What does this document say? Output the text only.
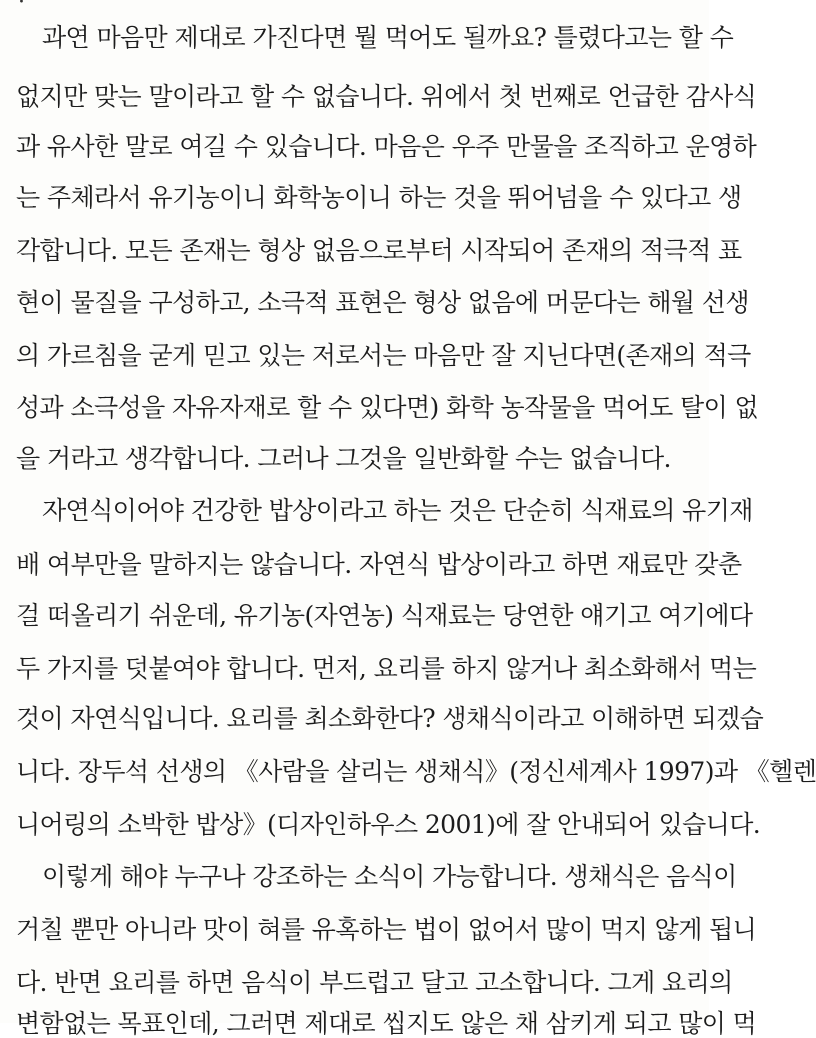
·
과연 마음만 제대로 가진다면 뭘 먹어도 될까요? 틀렸다고는 할 수
없지만 맞는 말이라고 할 수 없습니다. 위에서 첫 번째로 언급한 감사식
과 유사한 말로 여길 수 있습니다. 마음은 우주 만물을 조직하고 운영하
는 주체라서 유기농이니 화학농이니 하는 것을 뛰어넘을 수 있다고 생
각합니다. 모든 존재는 형상 없음으로부터 시작되어 존재의 적극적 표
현이 물질을 구성하고, 소극적 표현은 형상 없음에 머문다는 해월 선생
의 가르침을 굳게 믿고 있는 저로서는 마음만 잘 지닌다면(존재의 적극
성과 소극성을 자유자재로 할 수 있다면) 화학 농작물을 먹어도 탈이 없
을 거라고 생각합니다. 그러나 그것을 일반화할 수는 없습니다.
자연식이어야 건강한 밥상이라고 하는 것은 단순히 식재료의 유기재
배 여부만을 말하지는 않습니다. 자연식 밥상이라고 하면 재료만 갖춘
걸 떠올리기 쉬운데, 유기농(자연농) 식재료는 당연한 얘기고 여기에다
두 가지를 덧붙여야 합니다. 먼저, 요리를 하지 않거나 최소화해서 먹는
것이 자연식입니다. 요리를 최소화한다? 생채식이라고 이해하면 되겠습
니다. 장두석 선생의 《사람을 살리는 생채식》(정신세계사 1997)과 《헬렌
니어링의 소박한 밥상》(디자인하우스 2001)에 잘 안내되어 있습니다.
이렇게 해야 누구나 강조하는 소식이 가능합니다. 생채식은 음식이
거칠 뿐만 아니라 맛이 혀를 유혹하는 법이 없어서 많이 먹지 않게 됩니
다. 반면 요리를 하면 음식이 부드럽고 달고 고소합니다. 그게 요리의
변함없는 목표인데, 그러면 제대로 씹지도 않은 채 삼키게 되고 많이 먹
